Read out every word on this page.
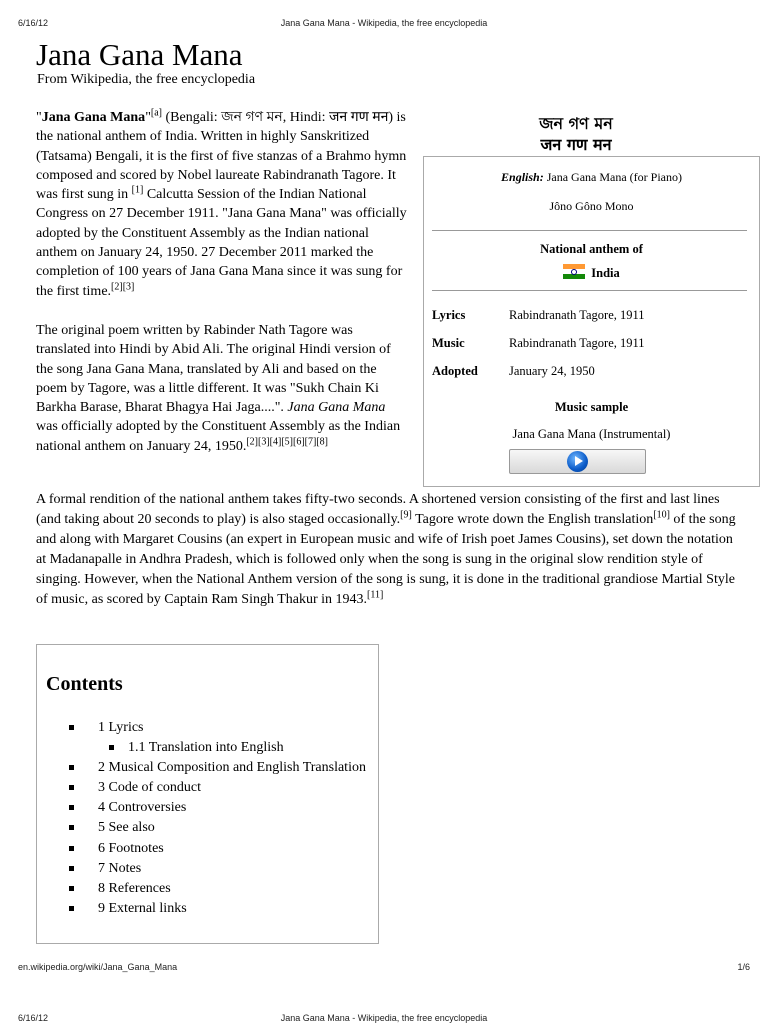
6/16/12	Jana Gana Mana - Wikipedia, the free encyclopedia
Jana Gana Mana
From Wikipedia, the free encyclopedia

"Jana Gana Mana"[a] (Bengali: জন গণ মন, Hindi: जन गण मन) is the national anthem of India. Written in highly Sanskritized (Tatsama) Bengali, it is the first of five stanzas of a Brahmo hymn composed and scored by Nobel laureate Rabindranath Tagore. It was first sung in [1] Calcutta Session of the Indian National Congress on 27 December 1911. "Jana Gana Mana" was officially adopted by the Constituent Assembly as the Indian national anthem on January 24, 1950. 27 December 2011 marked the completion of 100 years of Jana Gana Mana since it was sung for the first time.[2][3]

The original poem written by Rabinder Nath Tagore was translated into Hindi by Abid Ali. The original Hindi version of the song Jana Gana Mana, translated by Ali and based on the poem by Tagore, was a little different. It was "Sukh Chain Ki Barkha Barase, Bharat Bhagya Hai Jaga....". Jana Gana Mana was officially adopted by the Constituent Assembly as the Indian national anthem on January 24, 1950.[2][3][4][5][6][7][8]

A formal rendition of the national anthem takes fifty-two seconds. A shortened version consisting of the first and last lines (and taking about 20 seconds to play) is also staged occasionally.[9] Tagore wrote down the English translation[10] of the song and along with Margaret Cousins (an expert in European music and wife of Irish poet James Cousins), set down the notation at Madanapalle in Andhra Pradesh, which is followed only when the song is sung in the original slow rendition style of singing. However, when the National Anthem version of the song is sung, it is done in the traditional grandiose Martial Style of music, as scored by Captain Ram Singh Thakur in 1943.[11]

জন গণ মন
जन गण मन
English: Jana Gana Mana (for Piano)
Jôno Gôno Mono
National anthem of
India
Lyrics	Rabindranath Tagore, 1911
Music	Rabindranath Tagore, 1911
Adopted	January 24, 1950
Music sample
Jana Gana Mana (Instrumental)
Contents
1 Lyrics
1.1 Translation into English
2 Musical Composition and English Translation
3 Code of conduct
4 Controversies
5 See also
6 Footnotes
7 Notes
8 References
9 External links
en.wikipedia.org/wiki/Jana_Gana_Mana	1/6
6/16/12	Jana Gana Mana - Wikipedia, the free encyclopedia
